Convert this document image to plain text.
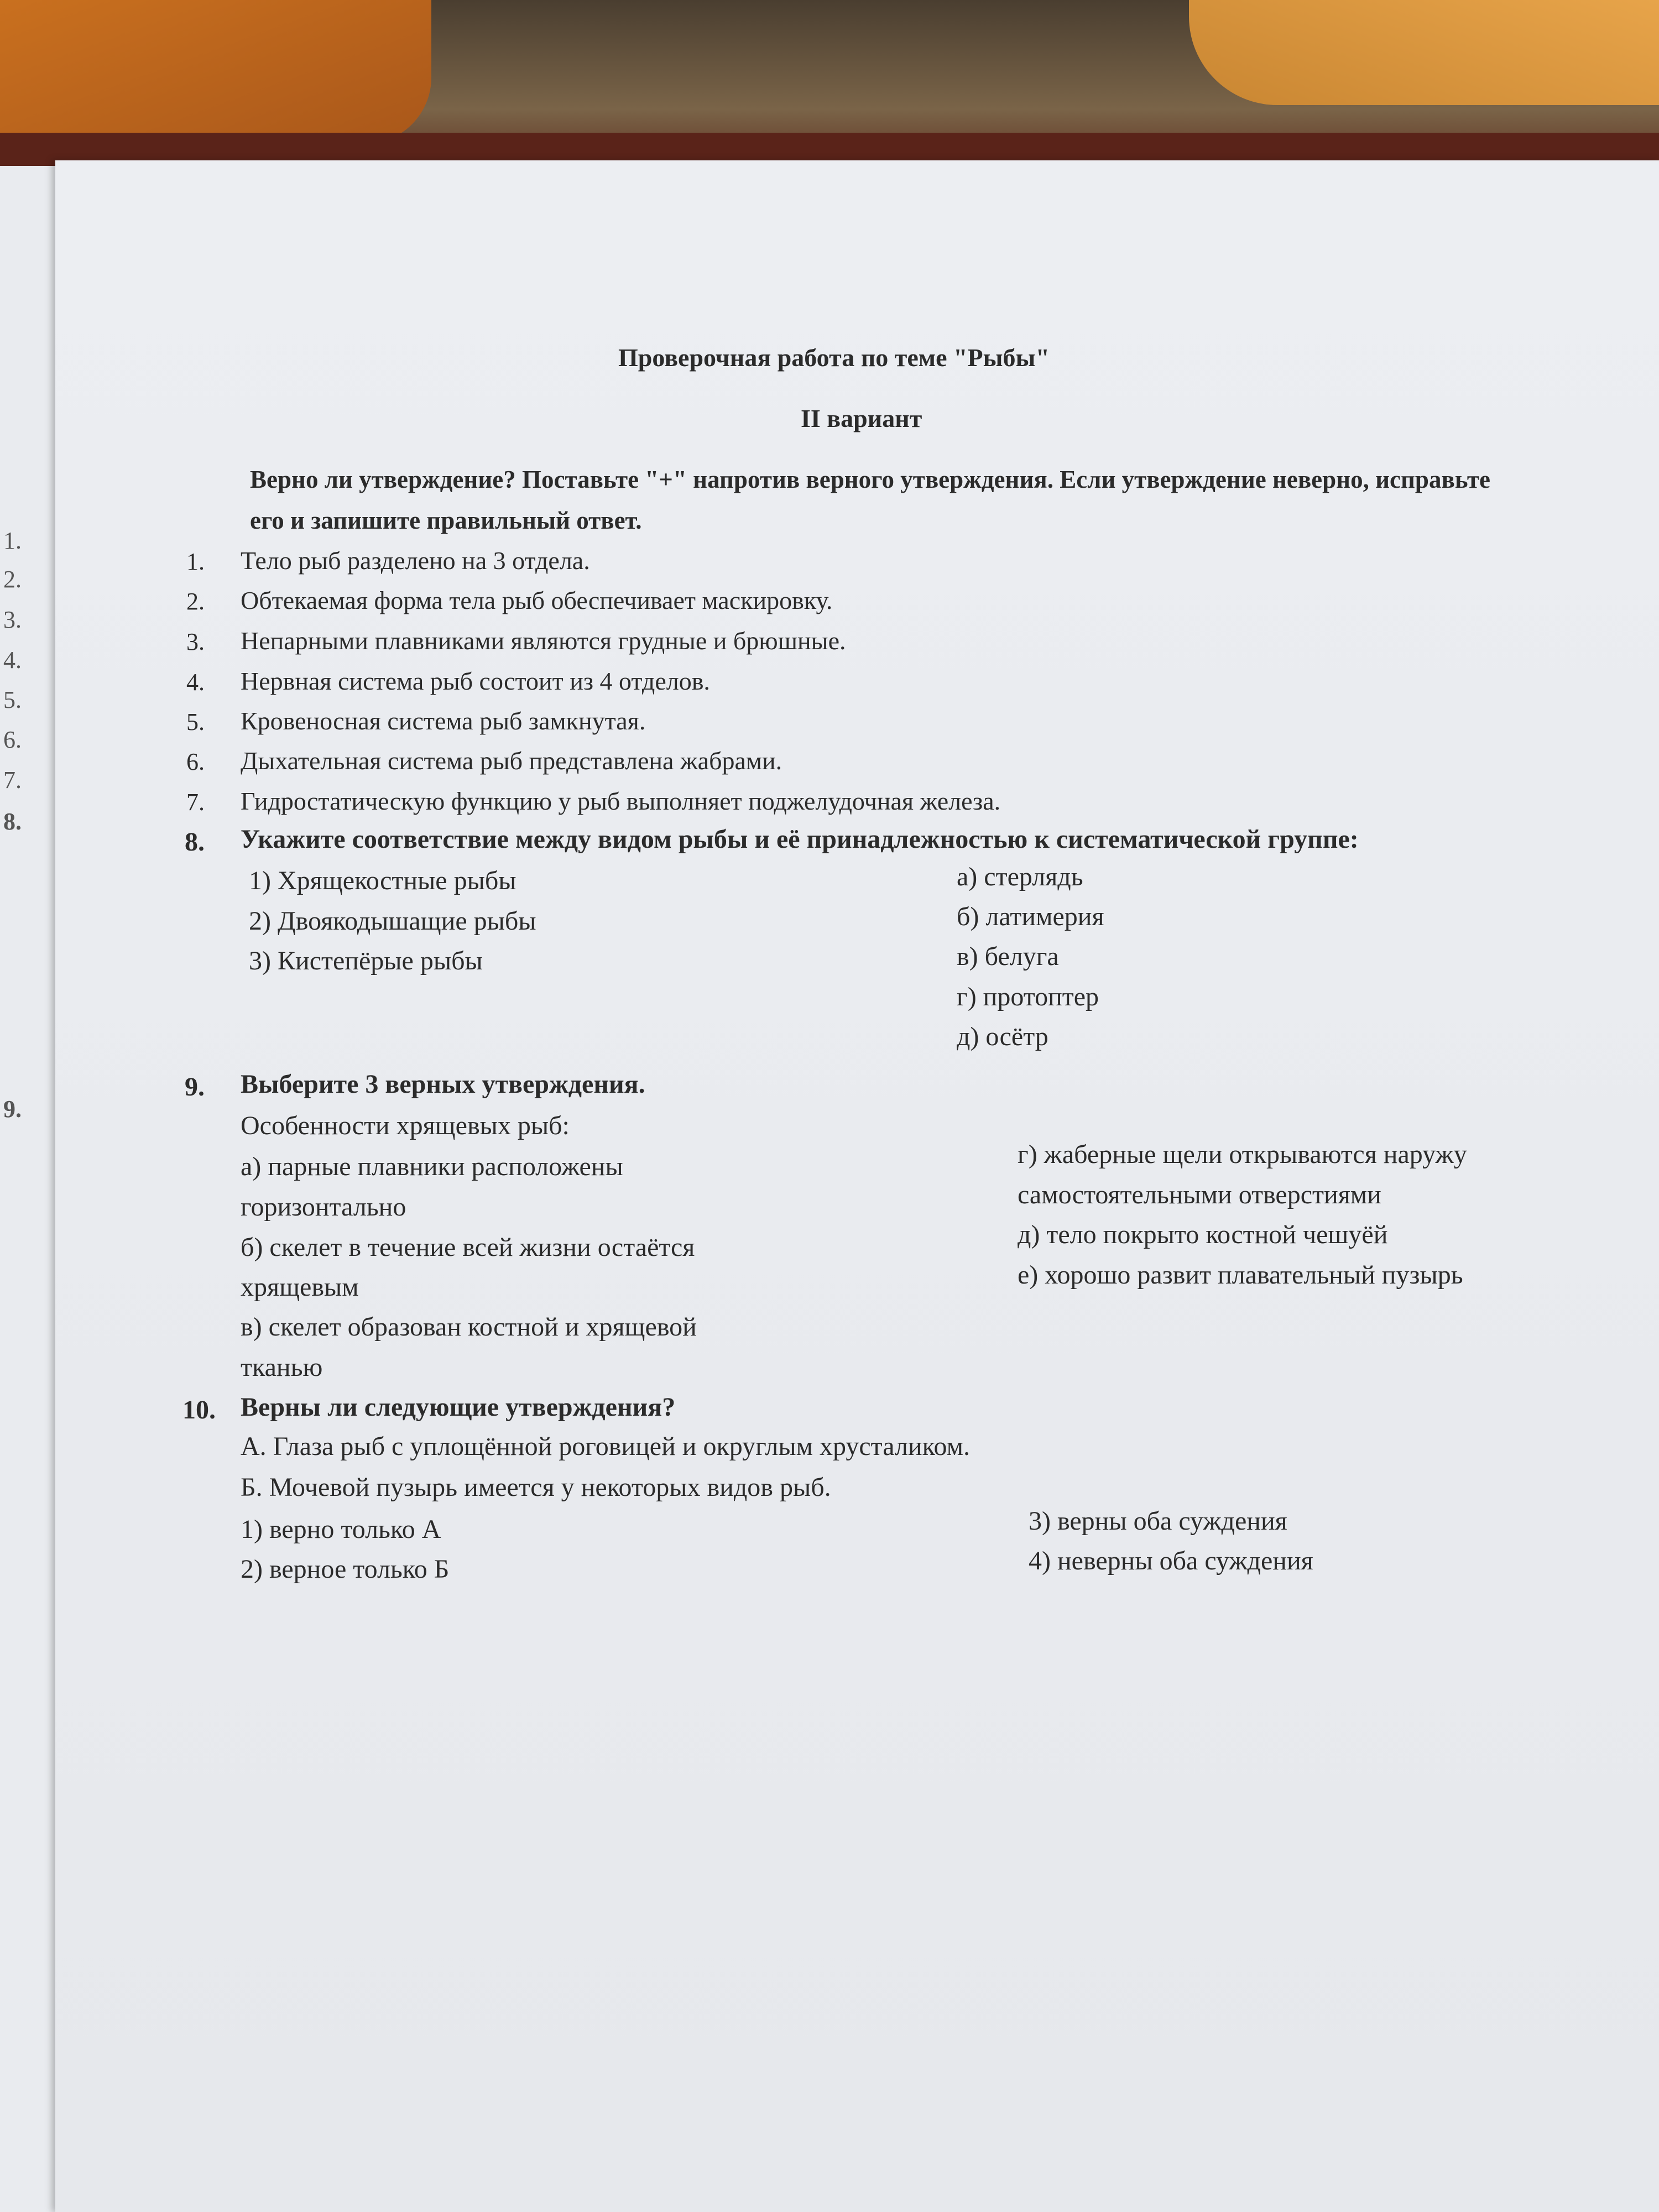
1.
2.
3.
4.
5.
6.
7.
8.
9.
Проверочная работа по теме "Рыбы"
II вариант
Верно ли утверждение? Поставьте "+" напротив верного утверждения. Если утверждение неверно, исправьте его и запишите правильный ответ.
1. Тело рыб разделено на 3 отдела.
2. Обтекаемая форма тела рыб обеспечивает маскировку.
3. Непарными плавниками являются грудные и брюшные.
4. Нервная система рыб состоит из 4 отделов.
5. Кровеносная система рыб замкнутая.
6. Дыхательная система рыб представлена жабрами.
7. Гидростатическую функцию у рыб выполняет поджелудочная железа.
8. Укажите соответствие между видом рыбы и её принадлежностью к систематической группе:
1) Хрящекостные рыбы
2) Двоякодышащие рыбы
3) Кистепёрые рыбы
а) стерлядь
б) латимерия
в) белуга
г) протоптер
д) осётр
9. Выберите 3 верных утверждения.
Особенности хрящевых рыб:
а) парные плавники расположены
горизонтально
б) скелет в течение всей жизни остаётся
хрящевым
в) скелет образован костной и хрящевой
тканью
г) жаберные щели открываются наружу
самостоятельными отверстиями
д) тело покрыто костной чешуёй
е) хорошо развит плавательный пузырь
10. Верны ли следующие утверждения?
А. Глаза рыб с уплощённой роговицей и округлым хрусталиком.
Б. Мочевой пузырь имеется у некоторых видов рыб.
1) верно только А
2) верное только Б
3) верны оба суждения
4) неверны оба суждения
